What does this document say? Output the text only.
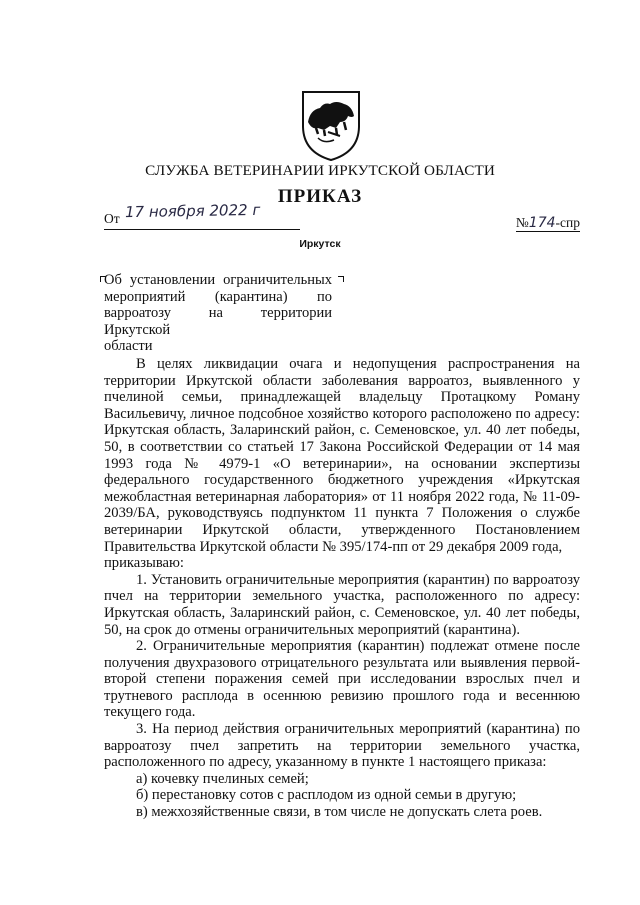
СЛУЖБА ВЕТЕРИНАРИИ ИРКУТСКОЙ ОБЛАСТИ
ПРИКАЗ
От 17 ноября 2022 г
№174-спр
Иркутск
Об установлении ограничительных
мероприятий (карантина) по
варроатозу на территории Иркутской
области

В целях ликвидации очага и недопущения распространения на территории Иркутской области заболевания варроатоз, выявленного у пчелиной семьи, принадлежащей владельцу Протацкому Роману Васильевичу, личное подсобное хозяйство которого расположено по адресу: Иркутская область, Заларинский район, с. Семеновское, ул. 40 лет победы, 50, в соответствии со статьей 17 Закона Российской Федерации от 14 мая 1993 года № 4979-1 «О ветеринарии», на основании экспертизы федерального государственного бюджетного учреждения «Иркутская межобластная ветеринарная лаборатория» от 11 ноября 2022 года, № 11-09-2039/БА, руководствуясь подпунктом 11 пункта 7 Положения о службе ветеринарии Иркутской области, утвержденного Постановлением Правительства Иркутской области № 395/174-пп от 29 декабря 2009 года,

приказываю:

1. Установить ограничительные мероприятия (карантин) по варроатозу пчел на территории земельного участка, расположенного по адресу: Иркутская область, Заларинский район, с. Семеновское, ул. 40 лет победы, 50, на срок до отмены ограничительных мероприятий (карантина).

2. Ограничительные мероприятия (карантин) подлежат отмене после получения двухразового отрицательного результата или выявления первой-второй степени поражения семей при исследовании взрослых пчел и трутневого расплода в осеннюю ревизию прошлого года и весеннюю текущего года.

3. На период действия ограничительных мероприятий (карантина) по варроатозу пчел запретить на территории земельного участка, расположенного по адресу, указанному в пункте 1 настоящего приказа:

а) кочевку пчелиных семей;

б) перестановку сотов с расплодом из одной семьи в другую;

в) межхозяйственные связи, в том числе не допускать слета роев.
